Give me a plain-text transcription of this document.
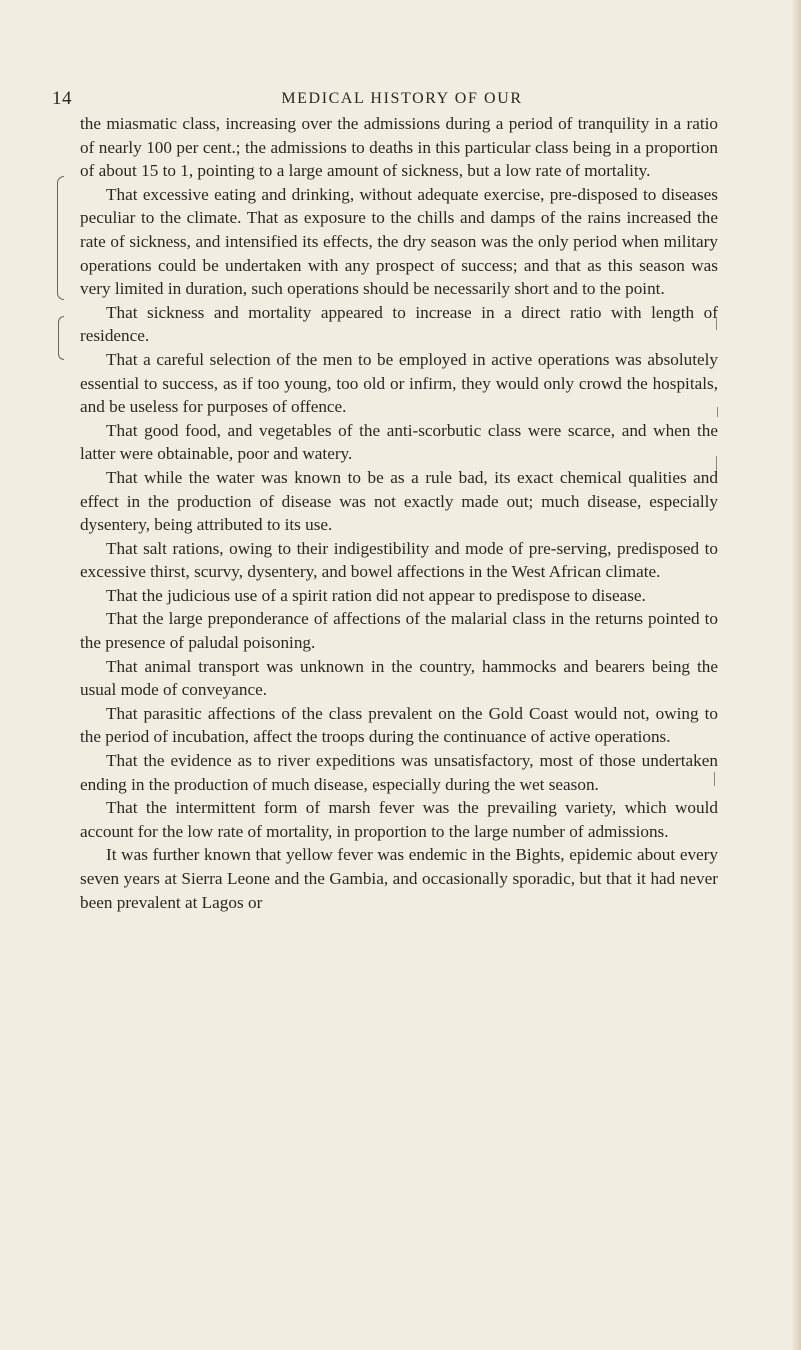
14	MEDICAL HISTORY OF OUR

the miasmatic class, increasing over the admissions during a period of tranquility in a ratio of nearly 100 per cent.; the admissions to deaths in this particular class being in a proportion of about 15 to 1, pointing to a large amount of sickness, but a low rate of mortality.

That excessive eating and drinking, without adequate exercise, pre-disposed to diseases peculiar to the climate. That as exposure to the chills and damps of the rains increased the rate of sickness, and intensified its effects, the dry season was the only period when military operations could be undertaken with any prospect of success; and that as this season was very limited in duration, such operations should be necessarily short and to the point.

That sickness and mortality appeared to increase in a direct ratio with length of residence.

That a careful selection of the men to be employed in active operations was absolutely essential to success, as if too young, too old or infirm, they would only crowd the hospitals, and be useless for purposes of offence.

That good food, and vegetables of the anti-scorbutic class were scarce, and when the latter were obtainable, poor and watery.

That while the water was known to be as a rule bad, its exact chemical qualities and effect in the production of disease was not exactly made out; much disease, especially dysentery, being attributed to its use.

That salt rations, owing to their indigestibility and mode of pre-serving, predisposed to excessive thirst, scurvy, dysentery, and bowel affections in the West African climate.

That the judicious use of a spirit ration did not appear to predispose to disease.

That the large preponderance of affections of the malarial class in the returns pointed to the presence of paludal poisoning.

That animal transport was unknown in the country, hammocks and bearers being the usual mode of conveyance.

That parasitic affections of the class prevalent on the Gold Coast would not, owing to the period of incubation, affect the troops during the continuance of active operations.

That the evidence as to river expeditions was unsatisfactory, most of those undertaken ending in the production of much disease, especially during the wet season.

That the intermittent form of marsh fever was the prevailing variety, which would account for the low rate of mortality, in proportion to the large number of admissions.

It was further known that yellow fever was endemic in the Bights, epidemic about every seven years at Sierra Leone and the Gambia, and occasionally sporadic, but that it had never been prevalent at Lagos or
